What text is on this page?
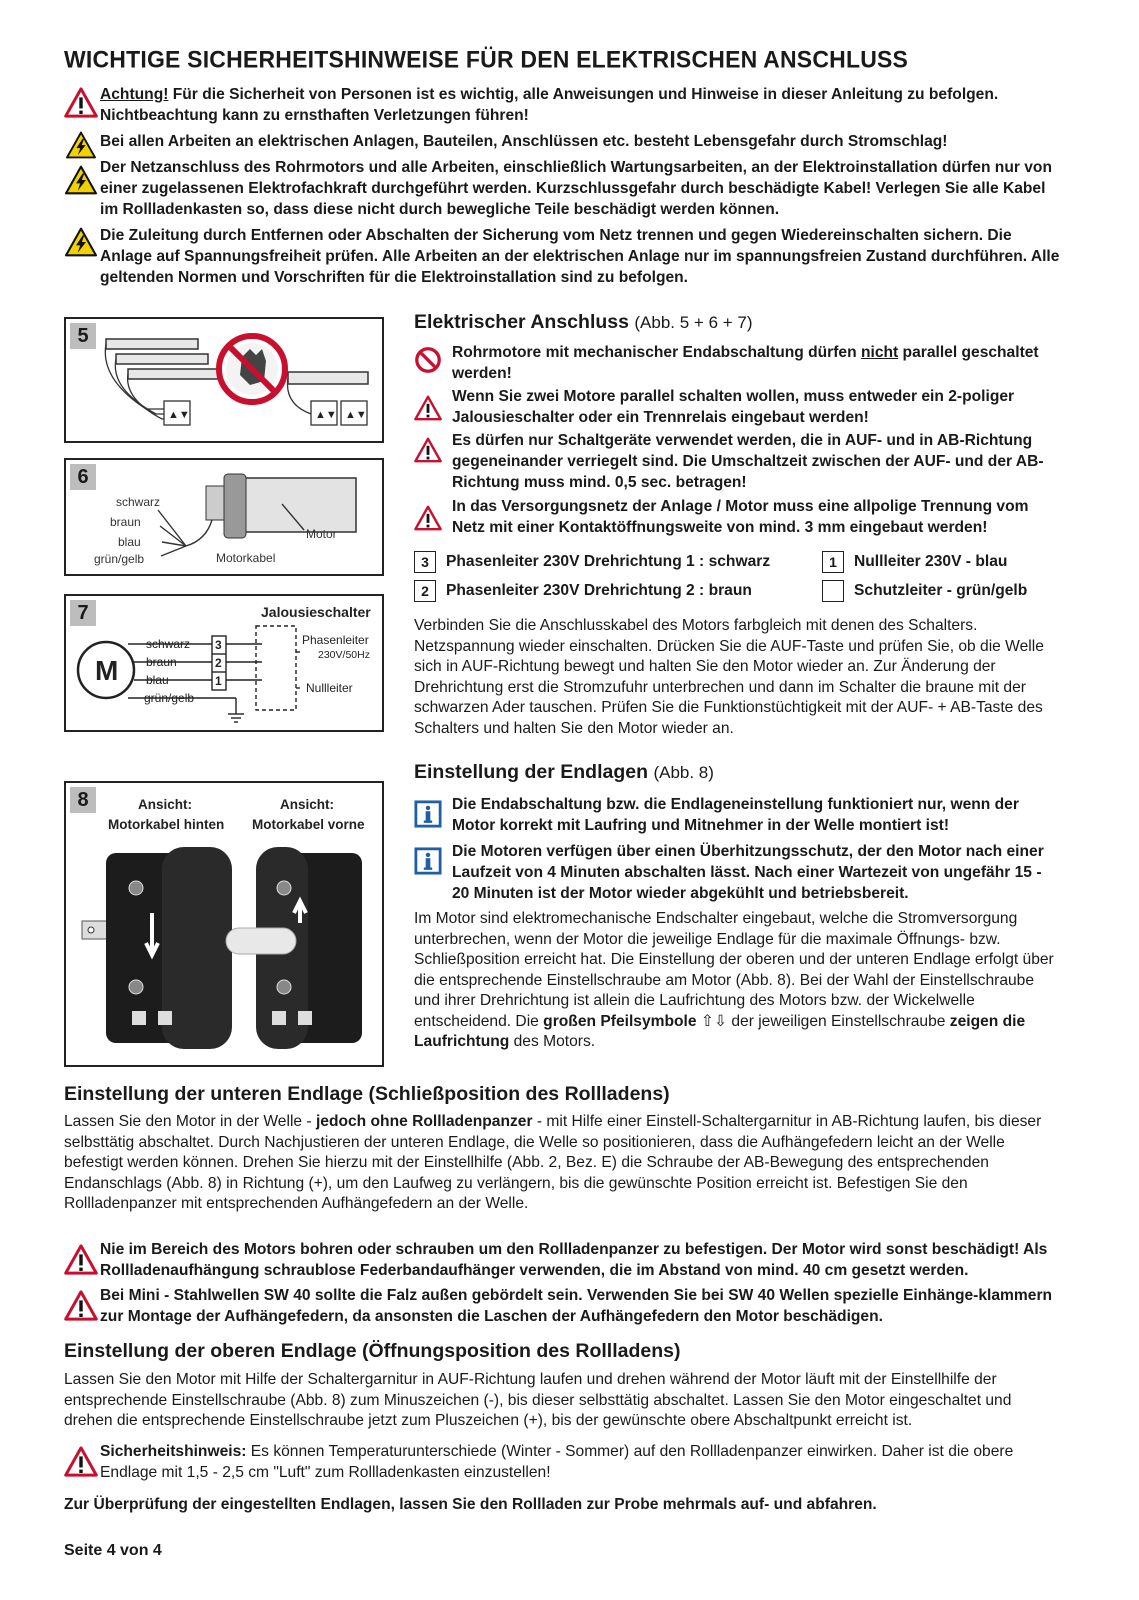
WICHTIGE SICHERHEITSHINWEISE FÜR DEN ELEKTRISCHEN ANSCHLUSS
Achtung! Für die Sicherheit von Personen ist es wichtig, alle Anweisungen und Hinweise in dieser Anleitung zu befolgen. Nichtbeachtung kann zu ernsthaften Verletzungen führen!
Bei allen Arbeiten an elektrischen Anlagen, Bauteilen, Anschlüssen etc. besteht Lebensgefahr durch Stromschlag!
Der Netzanschluss des Rohrmotors und alle Arbeiten, einschließlich Wartungsarbeiten, an der Elektroinstallation dürfen nur von einer zugelassenen Elektrofachkraft durchgeführt werden. Kurzschlussgefahr durch beschädigte Kabel! Verlegen Sie alle Kabel im Rollladenkasten so, dass diese nicht durch bewegliche Teile beschädigt werden können.
Die Zuleitung durch Entfernen oder Abschalten der Sicherung vom Netz trennen und gegen Wiedereinschalten sichern. Die Anlage auf Spannungsfreiheit prüfen. Alle Arbeiten an der elektrischen Anlage nur im spannungsfreien Zustand durchführen. Alle geltenden Normen und Vorschriften für die Elektroinstallation sind zu befolgen.
5
▲▼	▲▼ ▲▼
6
schwarz
braun
blau
grün/gelb	Motorkabel
Motor
7	Jalousieschalter
M
schwarz
braun
blau
grün/gelb
3
2
1
Phasenleiter
230V/50Hz
Nullleiter
8	Ansicht:
Motorkabel hinten
Ansicht:
Motorkabel vorne
Elektrischer Anschluss (Abb. 5 + 6 + 7)
Rohrmotore mit mechanischer Endabschaltung dürfen nicht parallel geschaltet werden!
Wenn Sie zwei Motore parallel schalten wollen, muss entweder ein 2-poliger Jalousieschalter oder ein Trennrelais eingebaut werden!
Es dürfen nur Schaltgeräte verwendet werden, die in AUF- und in AB-Richtung gegeneinander verriegelt sind. Die Umschaltzeit zwischen der AUF- und der AB-Richtung muss mind. 0,5 sec. betragen!
In das Versorgungsnetz der Anlage / Motor muss eine allpolige Trennung vom Netz mit einer Kontaktöffnungsweite von mind. 3 mm eingebaut werden!
3	Phasenleiter 230V Drehrichtung 1 : schwarz
2	Phasenleiter 230V Drehrichtung 2 : braun
1	Nullleiter 230V - blau
Schutzleiter - grün/gelb
Verbinden Sie die Anschlusskabel des Motors farbgleich mit denen des Schalters. Netzspannung wieder einschalten. Drücken Sie die AUF-Taste und prüfen Sie, ob die Welle sich in AUF-Richtung bewegt und halten Sie den Motor wieder an. Zur Änderung der Drehrichtung erst die Stromzufuhr unterbrechen und dann im Schalter die braune mit der schwarzen Ader tauschen. Prüfen Sie die Funktionstüchtigkeit mit der AUF- + AB-Taste des Schalters und halten Sie den Motor wieder an.
Einstellung der Endlagen (Abb. 8)
Die Endabschaltung bzw. die Endlageneinstellung funktioniert nur, wenn der Motor korrekt mit Laufring und Mitnehmer in der Welle montiert ist!
Die Motoren verfügen über einen Überhitzungsschutz, der den Motor nach einer Laufzeit von 4 Minuten abschalten lässt. Nach einer Wartezeit von ungefähr 15 - 20 Minuten ist der Motor wieder abgekühlt und betriebsbereit.
Im Motor sind elektromechanische Endschalter eingebaut, welche die Stromversorgung unterbrechen, wenn der Motor die jeweilige Endlage für die maximale Öffnungs- bzw. Schließposition erreicht hat. Die Einstellung der oberen und der unteren Endlage erfolgt über die entsprechende Einstellschraube am Motor (Abb. 8). Bei der Wahl der Einstellschraube und ihrer Drehrichtung ist allein die Laufrichtung des Motors bzw. der Wickelwelle entscheidend. Die großen Pfeilsymbole ⇧⇩ der jeweiligen Einstellschraube zeigen die Laufrichtung des Motors.
Einstellung der unteren Endlage (Schließposition des Rollladens)
Lassen Sie den Motor in der Welle - jedoch ohne Rollladenpanzer - mit Hilfe einer Einstell-Schaltergarnitur in AB-Richtung laufen, bis dieser selbsttätig abschaltet. Durch Nachjustieren der unteren Endlage, die Welle so positionieren, dass die Aufhängefedern leicht an der Welle befestigt werden können. Drehen Sie hierzu mit der Einstellhilfe (Abb. 2, Bez. E) die Schraube der AB-Bewegung des entsprechenden Endanschlags (Abb. 8) in Richtung (+), um den Laufweg zu verlängern, bis die gewünschte Position erreicht ist. Befestigen Sie den Rollladenpanzer mit entsprechenden Aufhängefedern an der Welle.
Nie im Bereich des Motors bohren oder schrauben um den Rollladenpanzer zu befestigen. Der Motor wird sonst beschädigt! Als Rollladenaufhängung schraublose Federbandaufhänger verwenden, die im Abstand von mind. 40 cm gesetzt werden.
Bei Mini - Stahlwellen SW 40 sollte die Falz außen gebördelt sein. Verwenden Sie bei SW 40 Wellen spezielle Einhänge-klammern zur Montage der Aufhängefedern, da ansonsten die Laschen der Aufhängefedern den Motor beschädigen.
Einstellung der oberen Endlage (Öffnungsposition des Rollladens)
Lassen Sie den Motor mit Hilfe der Schaltergarnitur in AUF-Richtung laufen und drehen während der Motor läuft mit der Einstellhilfe der entsprechende Einstellschraube (Abb. 8) zum Minuszeichen (-), bis dieser selbsttätig abschaltet. Lassen Sie den Motor eingeschaltet und drehen die entsprechende Einstellschraube jetzt zum Pluszeichen (+), bis der gewünschte obere Abschaltpunkt erreicht ist.
Sicherheitshinweis: Es können Temperaturunterschiede (Winter - Sommer) auf den Rollladenpanzer einwirken. Daher ist die obere Endlage mit 1,5 - 2,5 cm "Luft" zum Rollladenkasten einzustellen!
Zur Überprüfung der eingestellten Endlagen, lassen Sie den Rollladen zur Probe mehrmals auf- und abfahren.
Seite 4 von 4
